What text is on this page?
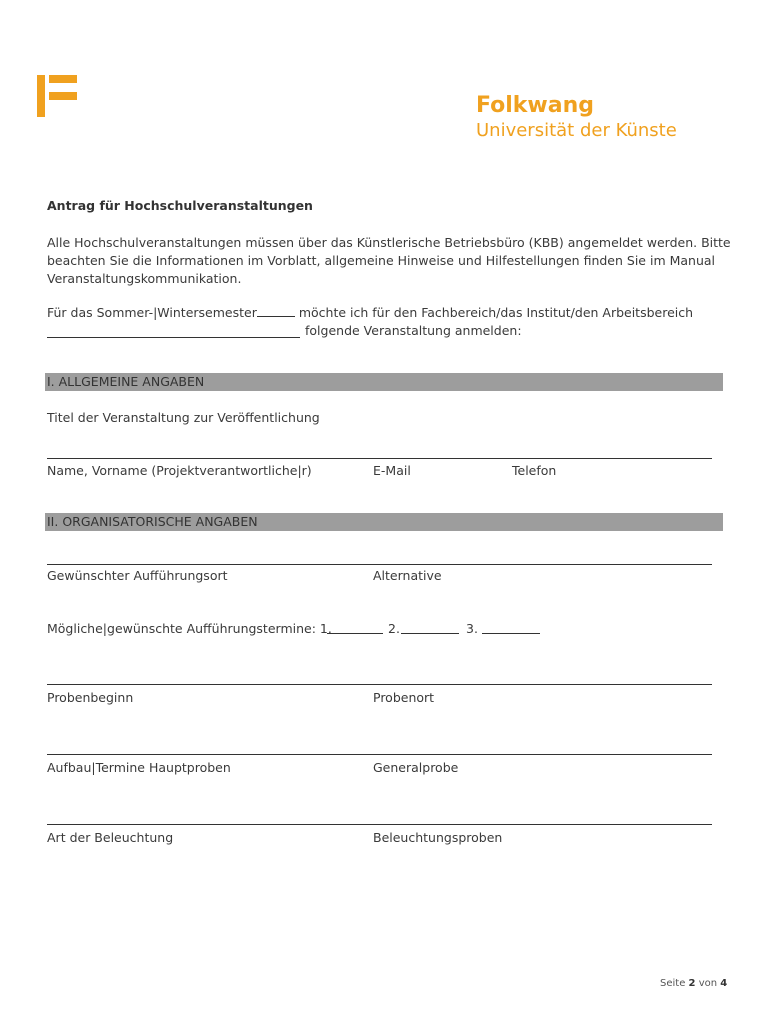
Folkwang
Universität der Künste
Antrag für Hochschulveranstaltungen
Alle Hochschulveranstaltungen müssen über das Künstlerische Betriebsbüro (KBB) angemeldet werden. Bitte
beachten Sie die Informationen im Vorblatt, allgemeine Hinweise und Hilfestellungen finden Sie im Manual
Veranstaltungskommunikation.
Für das Sommer-|Wintersemester	möchte ich für den Fachbereich/das Institut/den Arbeitsbereich
folgende Veranstaltung anmelden:
I. ALLGEMEINE ANGABEN
Titel der Veranstaltung zur Veröffentlichung
Name, Vorname (Projektverantwortliche|r)	E-Mail	Telefon
II. ORGANISATORISCHE ANGABEN
Gewünschter Aufführungsort	Alternative
Mögliche|gewünschte Aufführungstermine: 1.	2.	3.
Probenbeginn	Probenort
Aufbau|Termine Hauptproben	Generalprobe
Art der Beleuchtung	Beleuchtungsproben
Seite 2 von 4
